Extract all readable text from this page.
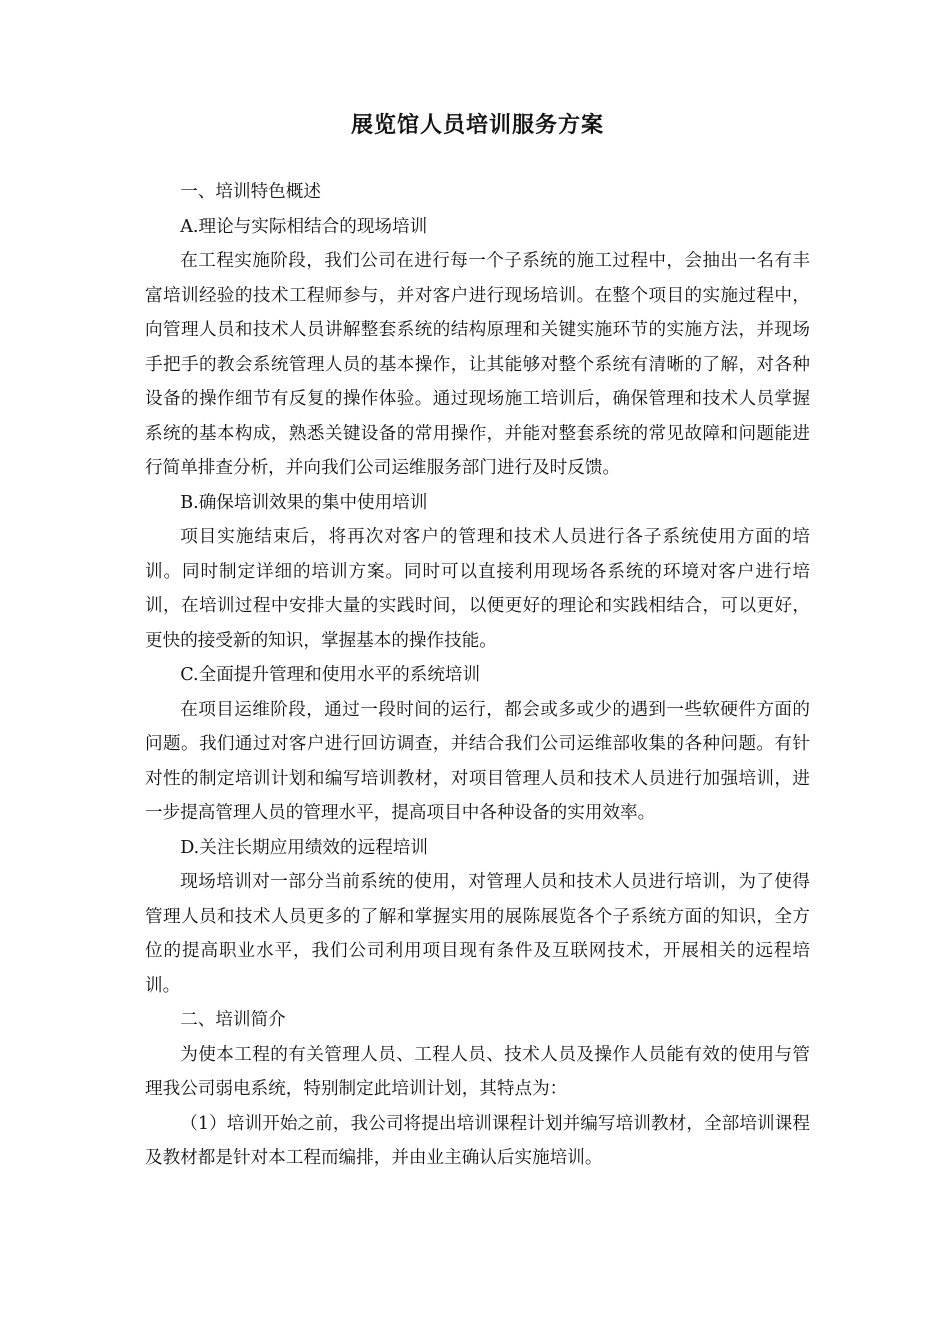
展览馆人员培训服务方案

一、培训特色概述

A.理论与实际相结合的现场培训

在工程实施阶段，我们公司在进行每一个子系统的施工过程中，会抽出一名有丰富培训经验的技术工程师参与，并对客户进行现场培训。在整个项目的实施过程中，向管理人员和技术人员讲解整套系统的结构原理和关键实施环节的实施方法，并现场手把手的教会系统管理人员的基本操作，让其能够对整个系统有清晰的了解，对各种设备的操作细节有反复的操作体验。通过现场施工培训后，确保管理和技术人员掌握系统的基本构成，熟悉关键设备的常用操作，并能对整套系统的常见故障和问题能进行简单排查分析，并向我们公司运维服务部门进行及时反馈。

B.确保培训效果的集中使用培训

项目实施结束后，将再次对客户的管理和技术人员进行各子系统使用方面的培训。同时制定详细的培训方案。同时可以直接利用现场各系统的环境对客户进行培训，在培训过程中安排大量的实践时间，以便更好的理论和实践相结合，可以更好，更快的接受新的知识，掌握基本的操作技能。

C.全面提升管理和使用水平的系统培训

在项目运维阶段，通过一段时间的运行，都会或多或少的遇到一些软硬件方面的问题。我们通过对客户进行回访调查，并结合我们公司运维部收集的各种问题。有针对性的制定培训计划和编写培训教材，对项目管理人员和技术人员进行加强培训，进一步提高管理人员的管理水平，提高项目中各种设备的实用效率。

D.关注长期应用绩效的远程培训

现场培训对一部分当前系统的使用，对管理人员和技术人员进行培训，为了使得管理人员和技术人员更多的了解和掌握实用的展陈展览各个子系统方面的知识，全方位的提高职业水平，我们公司利用项目现有条件及互联网技术，开展相关的远程培训。

二、培训简介

为使本工程的有关管理人员、工程人员、技术人员及操作人员能有效的使用与管理我公司弱电系统，特别制定此培训计划，其特点为：

（1）培训开始之前，我公司将提出培训课程计划并编写培训教材，全部培训课程及教材都是针对本工程而编排，并由业主确认后实施培训。
